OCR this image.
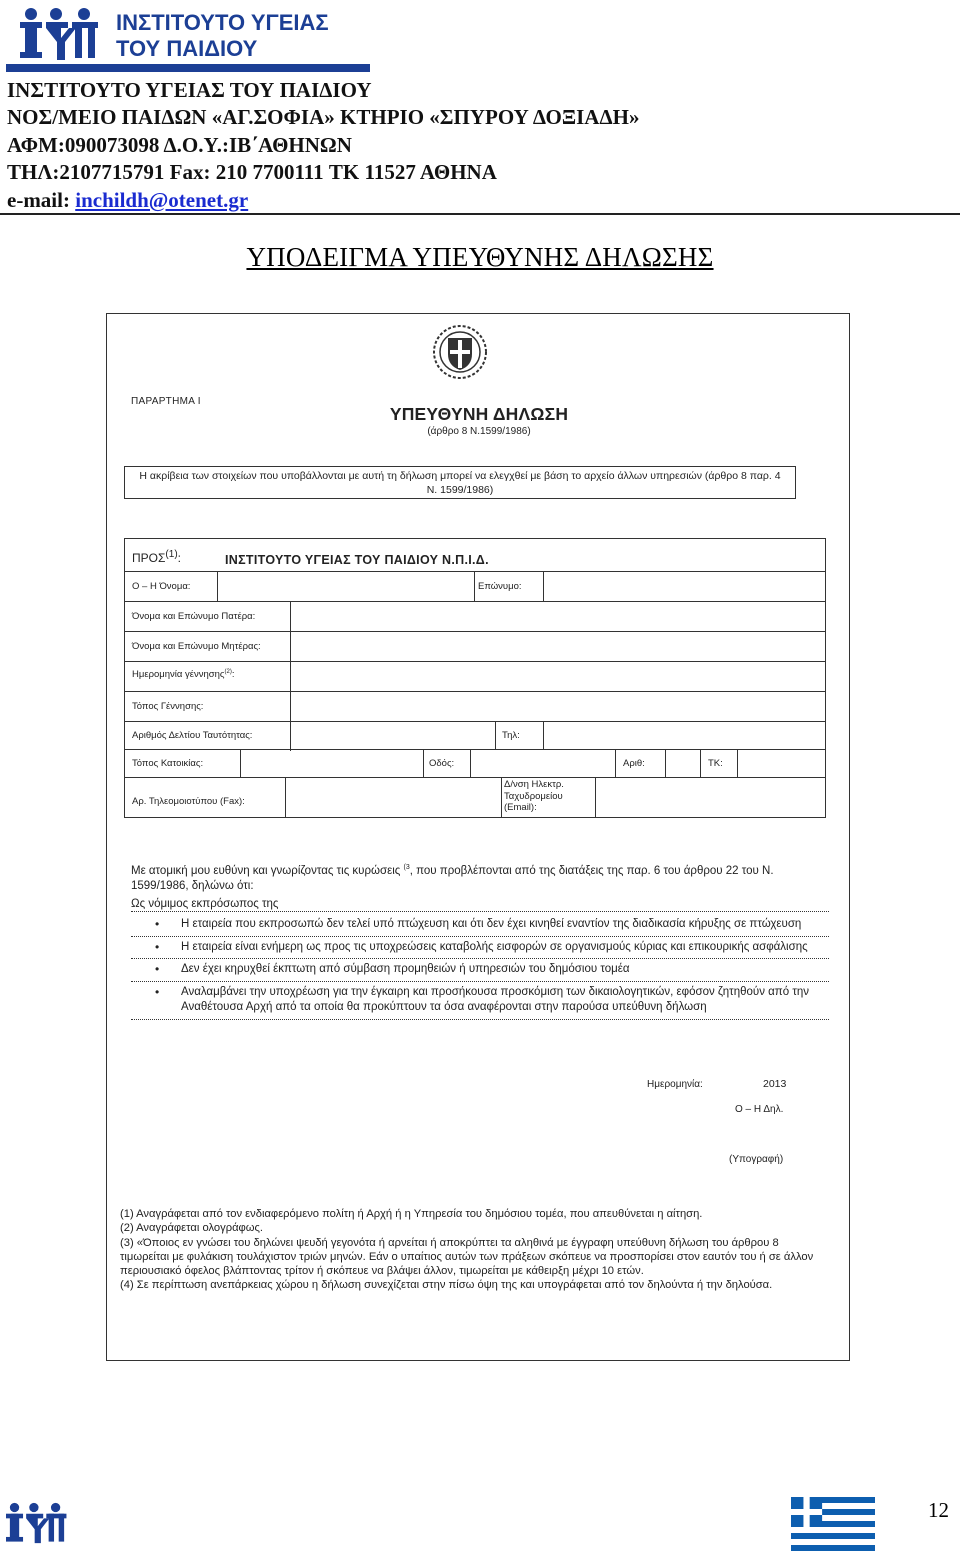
ΙΝΣΤΙΤΟΥΤΟ ΥΓΕΙΑΣ
ΤΟΥ ΠΑΙΔΙΟΥ
ΙΝΣΤΙΤΟΥΤΟ ΥΓΕΙΑΣ ΤΟΥ ΠΑΙΔΙΟΥ
ΝΟΣ/ΜΕΙΟ ΠΑΙΔΩΝ «ΑΓ.ΣΟΦΙΑ» ΚΤΗΡΙΟ «ΣΠΥΡΟΥ ΔΟΞΙΑΔΗ»
ΑΦΜ:090073098 Δ.Ο.Υ.:ΙΒ΄ΑΘΗΝΩΝ
ΤΗΛ:2107715791 Fax: 210 7700111 ΤΚ 11527 ΑΘΗΝΑ
e-mail: inchildh@otenet.gr
ΥΠΟΔΕΙΓΜΑ ΥΠΕΥΘΥΝΗΣ ΔΗΛΩΣΗΣ
ΠΑΡΑΡΤΗΜΑ Ι
ΥΠΕΥΘΥΝΗ ΔΗΛΩΣΗ
(άρθρο 8 Ν.1599/1986)
Η ακρίβεια των στοιχείων που υποβάλλονται με αυτή τη δήλωση μπορεί να ελεγχθεί με βάση το αρχείο άλλων υπηρεσιών (άρθρο 8 παρ. 4 Ν. 1599/1986)
ΠΡΟΣ$^{(1)}$:	ΙΝΣΤΙΤΟΥΤΟ ΥΓΕΙΑΣ ΤΟΥ ΠΑΙΔΙΟΥ Ν.Π.Ι.Δ.
Ο – Η Όνομα:	Επώνυμο:
Όνομα και Επώνυμο Πατέρα:
Όνομα και Επώνυμο Μητέρας:
Ημερομηνία γέννησης$^{(2)}$:
Τόπος Γέννησης:
Αριθμός Δελτίου Ταυτότητας:	Τηλ:
Τόπος Κατοικίας:	Οδός:	Αριθ:	ΤΚ:
Αρ. Τηλεομοιοτύπου (Fax):
Δ/νση Ηλεκτρ.
Ταχυδρομείου
(Email):
Με ατομική μου ευθύνη και γνωρίζοντας τις κυρώσεις $^{(3}$, που προβλέπονται από της διατάξεις της παρ. 6 του άρθρου 22 του Ν. 1599/1986, δηλώνω ότι:
Ως νόμιμος εκπρόσωπος της
• Η εταιρεία που εκπροσωπώ δεν τελεί υπό πτώχευση και ότι δεν έχει κινηθεί εναντίον της διαδικασία κήρυξης σε πτώχευση
• Η εταιρεία είναι ενήμερη ως προς τις υποχρεώσεις καταβολής εισφορών σε οργανισμούς κύριας και επικουρικής ασφάλισης
• Δεν έχει κηρυχθεί έκπτωτη από σύμβαση προμηθειών ή υπηρεσιών του δημόσιου τομέα
• Αναλαμβάνει την υποχρέωση για την έγκαιρη και προσήκουσα προσκόμιση των δικαιολογητικών, εφόσον ζητηθούν από την Αναθέτουσα Αρχή από τα οποία θα προκύπτουν τα όσα αναφέρονται στην παρούσα υπεύθυνη δήλωση
Ημερομηνία:	2013
Ο – Η Δηλ.
(Υπογραφή)
(1) Αναγράφεται από τον ενδιαφερόμενο πολίτη ή Αρχή ή η Υπηρεσία του δημόσιου τομέα, που απευθύνεται η αίτηση.
(2) Αναγράφεται ολογράφως.
(3) «Όποιος εν γνώσει του δηλώνει ψευδή γεγονότα ή αρνείται ή αποκρύπτει τα αληθινά με έγγραφη υπεύθυνη δήλωση του άρθρου 8 τιμωρείται με φυλάκιση τουλάχιστον τριών μηνών. Εάν ο υπαίτιος αυτών των πράξεων σκόπευε να προσπορίσει στον εαυτόν του ή σε άλλον περιουσιακό όφελος βλάπτοντας τρίτον ή σκόπευε να βλάψει άλλον, τιμωρείται με κάθειρξη μέχρι 10 ετών.
(4) Σε περίπτωση ανεπάρκειας χώρου η δήλωση συνεχίζεται στην πίσω όψη της και υπογράφεται από τον δηλούντα ή την δηλούσα.
12
